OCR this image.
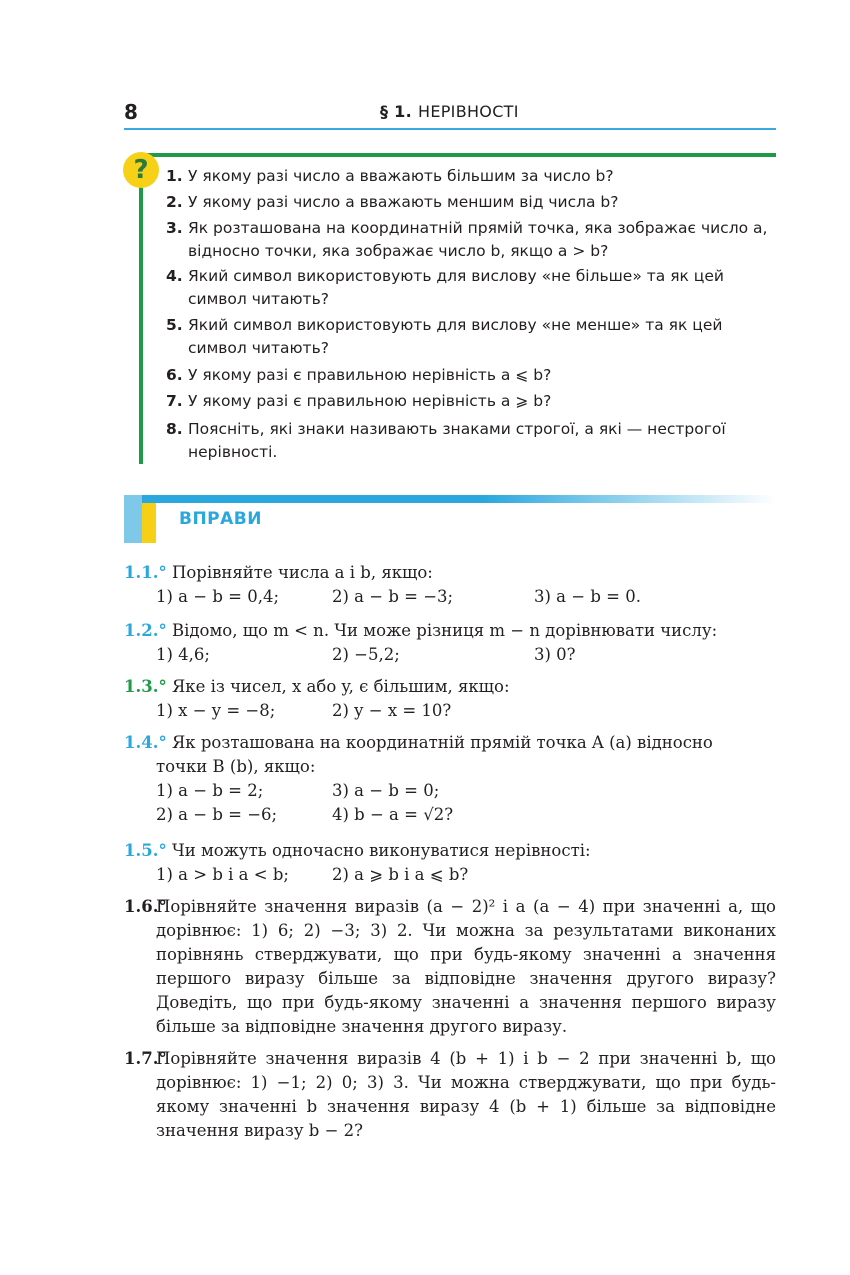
8	§ 1. НЕРІВНОСТІ
?	1. У якому разі число a вважають більшим за число b?
2. У якому разі число a вважають меншим від числа b?
3. Як розташована на координатній прямій точка, яка зображає число a, відносно точки, яка зображає число b, якщо a > b?
4. Який символ використовують для вислову «не більше» та як цей символ читають?
5. Який символ використовують для вислову «не менше» та як цей символ читають?
6. У якому разі є правильною нерівність a ⩽ b?
7. У якому разі є правильною нерівність a ⩾ b?
8. Поясніть, які знаки називають знаками строгої, а які — нестрогої нерівності.
ВПРАВИ
1.1.° Порівняйте числа a і b, якщо:
1) a − b = 0,4;	2) a − b = −3;	3) a − b = 0.
1.2.° Відомо, що m < n. Чи може різниця m − n дорівнювати числу:
1) 4,6;	2) −5,2;	3) 0?
1.3.° Яке із чисел, x або y, є більшим, якщо:
1) x − y = −8;	2) y − x = 10?
1.4.° Як розташована на координатній прямій точка A (a) відносно
точки B (b), якщо:
1) a − b = 2;	3) a − b = 0;
2) a − b = −6;	4) b − a = √2?
1.5.° Чи можуть одночасно виконуватися нерівності:
1) a > b і a < b;	2) a ⩾ b і a ⩽ b?
1.6.°
Порівняйте значення виразів (a − 2)² і a (a − 4) при значенні a, що дорівнює: 1) 6; 2) −3; 3) 2. Чи можна за результатами виконаних порівнянь стверджувати, що при будь-якому значенні a значення першого виразу більше за відповідне значення другого виразу? Доведіть, що при будь-якому значенні a значення першого виразу більше за відповідне значення другого виразу.
1.7.°
Порівняйте значення виразів 4 (b + 1) і b − 2 при значенні b, що дорівнює: 1) −1; 2) 0; 3) 3. Чи можна стверджувати, що при будь-якому значенні b значення виразу 4 (b + 1) більше за відповідне значення виразу b − 2?
